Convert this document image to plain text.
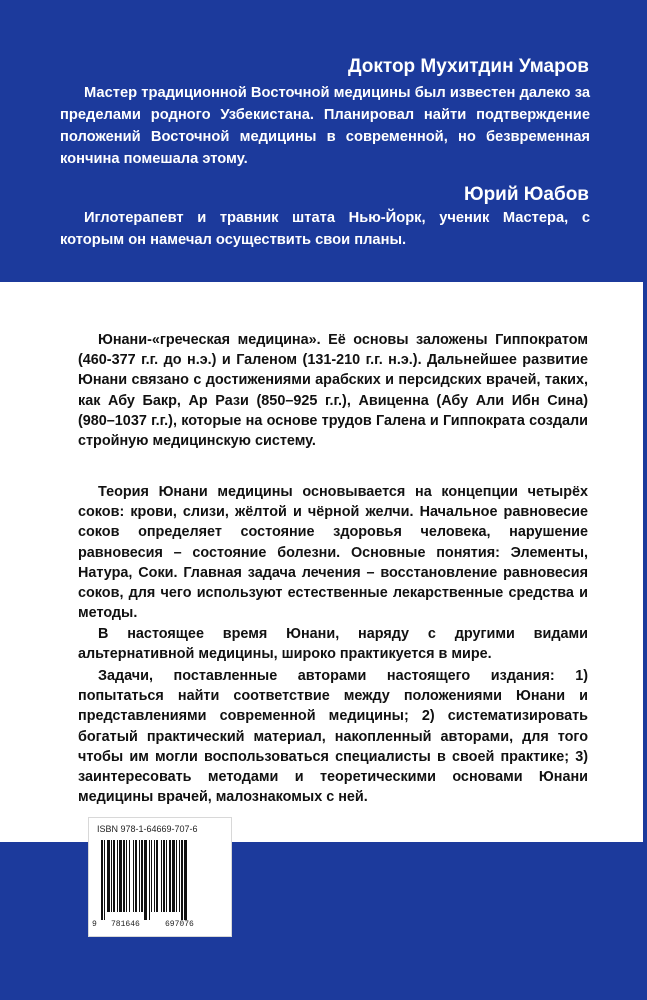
Доктор Мухитдин Умаров

Мастер традиционной Восточной медицины был известен далеко за пределами родного Узбекистана. Планировал найти подтверждение положений Восточной медицины в современной, но безвременная кончина помешала этому.

Юрий Юабов

Иглотерапевт и травник штата Нью-Йорк, ученик Мастера, с которым он намечал осуществить свои планы.

Юнани-«греческая медицина». Её основы заложены Гиппократом (460-377 г.г. до н.э.) и Галеном (131-210 г.г. н.э.). Дальнейшее развитие Юнани связано с достижениями арабских и персидских врачей, таких, как Абу Бакр, Ар Рази (850–925 г.г.), Авиценна (Абу Али Ибн Сина) (980–1037 г.г.), которые на основе трудов Галена и Гиппократа создали стройную медицинскую систему.

Теория Юнани медицины основывается на концепции четырёх соков: крови, слизи, жёлтой и чёрной желчи. Начальное равновесие соков определяет состояние здоровья человека, нарушение равновесия – состояние болезни. Основные понятия: Элементы, Натура, Соки. Главная задача лечения – восстановление равновесия соков, для чего используют естественные лекарственные средства и методы.

В настоящее время Юнани, наряду с другими видами альтернативной медицины, широко практикуется в мире.

Задачи, поставленные авторами настоящего издания: 1) попытаться найти соответствие между положениями Юнани и представлениями современной медицины; 2) систематизировать богатый практический материал, накопленный авторами, для того чтобы им могли воспользоваться специалисты в своей практике; 3) заинтересовать методами и теоретическими основами Юнани медицины врачей, малознакомых с ней.

ISBN 978-1-64669-707-6
9 781646	697076
